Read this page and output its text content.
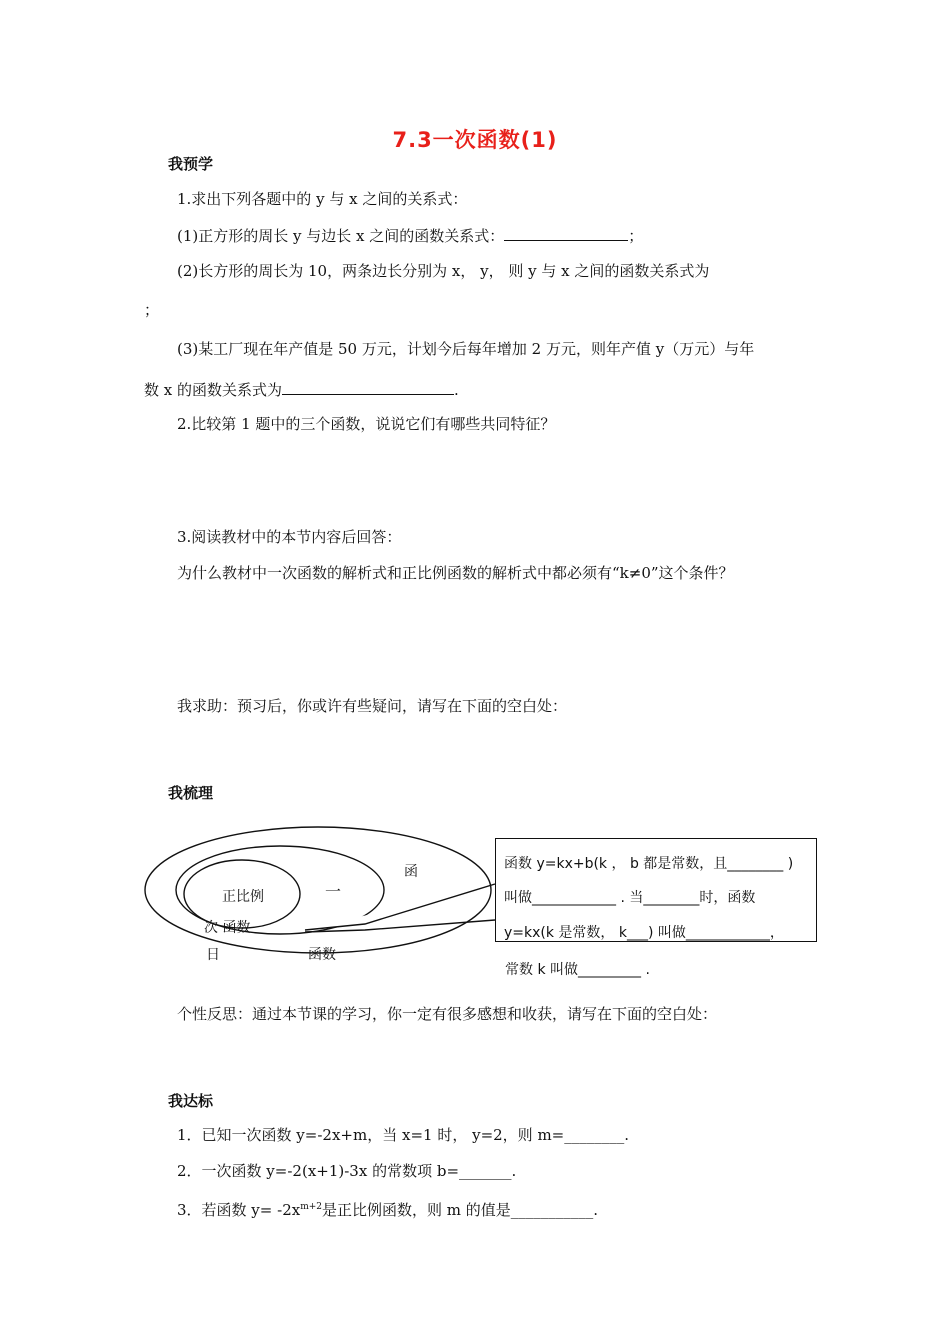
7.3一次函数(1)
我预学
1.求出下列各题中的 y 与 x 之间的关系式：
(1)正方形的周长 y 与边长 x 之间的函数关系式：	；
(2)长方形的周长为 10，两条边长分别为 x， y， 则 y 与 x 之间的函数关系式为
；
(3)某工厂现在年产值是 50 万元，计划今后每年增加 2 万元，则年产值 y（万元）与年
数 x 的函数关系式为	.
2.比较第 1 题中的三个函数，说说它们有哪些共同特征？
3.阅读教材中的本节内容后回答：
为什么教材中一次函数的解析式和正比例函数的解析式中都必须有“k≠0”这个条件？
我求助：预习后，你或许有些疑问，请写在下面的空白处：
我梳理
正比例	一
次 函数
函
日	函数
函数 y=kx+b(k ， b 都是常数，且________ )
叫做____________ . 当________时，函数
y=kx(k 是常数， k___) 叫做____________，
常数 k 叫做_________ .
个性反思：通过本节课的学习，你一定有很多感想和收获，请写在下面的空白处：
我达标
1．已知一次函数 y=-2x+m，当 x=1 时， y=2，则 m=________.
2．一次函数 y=-2(x+1)-3x 的常数项 b=_______.
3．若函数 $y= -2x^{m+2}$是正比例函数，则 m 的值是___________.
